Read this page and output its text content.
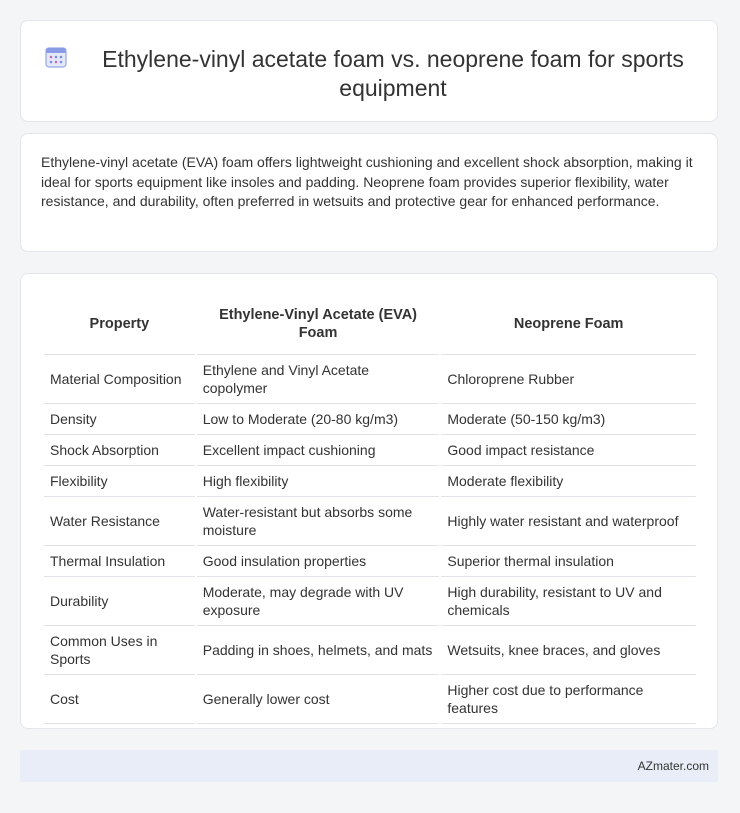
Ethylene-vinyl acetate foam vs. neoprene foam for sports equipment

Ethylene-vinyl acetate (EVA) foam offers lightweight cushioning and excellent shock absorption, making it ideal for sports equipment like insoles and padding. Neoprene foam provides superior flexibility, water resistance, and durability, often preferred in wetsuits and protective gear for enhanced performance.

Property	Ethylene-Vinyl Acetate (EVA) Foam	Neoprene Foam
Material Composition	Ethylene and Vinyl Acetate copolymer	Chloroprene Rubber
Density	Low to Moderate (20-80 kg/m3)	Moderate (50-150 kg/m3)
Shock Absorption	Excellent impact cushioning	Good impact resistance
Flexibility	High flexibility	Moderate flexibility
Water Resistance	Water-resistant but absorbs some moisture	Highly water resistant and waterproof
Thermal Insulation	Good insulation properties	Superior thermal insulation
Durability	Moderate, may degrade with UV exposure	High durability, resistant to UV and chemicals
Common Uses in Sports	Padding in shoes, helmets, and mats	Wetsuits, knee braces, and gloves
Cost	Generally lower cost	Higher cost due to performance features
AZmater.com
